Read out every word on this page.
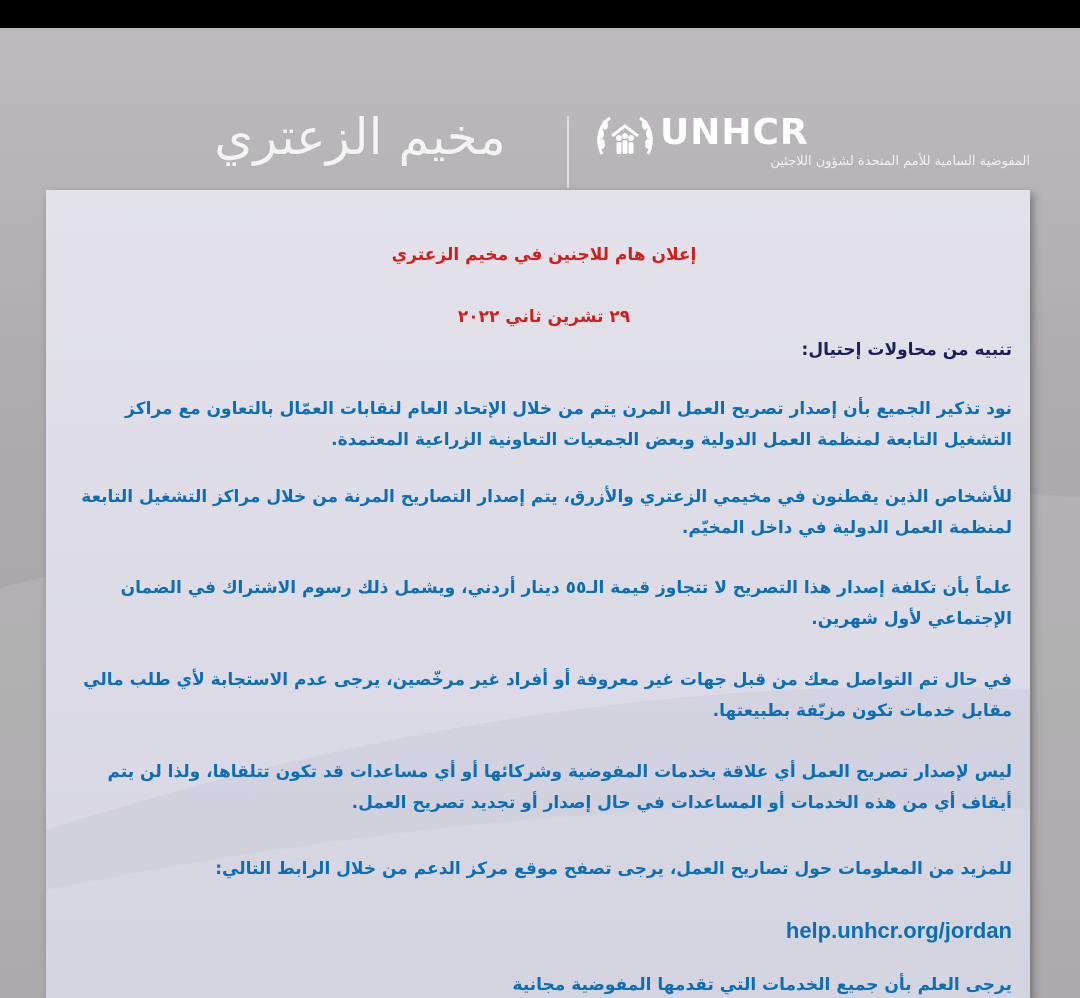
مخيم الزعتري	UNHCR
المفوضية السامية للأمم المتحدة لشؤون اللاجئين
إعلان هام للاجنين في مخيم الزعتري
٢٩ تشرين ثاني ٢٠٢٢
تنبيه من محاولات إحتيال:
نود تذكير الجميع بأن إصدار تصريح العمل المرن يتم من خلال الإتحاد العام لنقابات العمّال بالتعاون مع مراكز التشغيل التابعة لمنظمة العمل الدولية وبعض الجمعيات التعاونية الزراعية المعتمدة.
للأشخاص الذين يقطنون في مخيمي الزعتري والأزرق، يتم إصدار التصاريح المرنة من خلال مراكز التشغيل التابعة لمنظمة العمل الدولية في داخل المخيّم.
علماً بأن تكلفة إصدار هذا التصريح لا تتجاوز قيمة الـ٥٥ دينار أردني، ويشمل ذلك رسوم الاشتراك في الضمان الإجتماعي لأول شهرين.
في حال تم التواصل معك من قبل جهات غير معروفة أو أفراد غير مرخّصين، يرجى عدم الاستجابة لأي طلب مالي مقابل خدمات تكون مزيّفة بطبيعتها.
ليس لإصدار تصريح العمل أي علاقة بخدمات المفوضية وشركائها أو أي مساعدات قد تكون تتلقاها، ولذا لن يتم أيقاف أي من هذه الخدمات أو المساعدات في حال إصدار أو تجديد تصريح العمل.
للمزيد من المعلومات حول تصاريح العمل، يرجى تصفح موقع مركز الدعم من خلال الرابط التالي:
help.unhcr.org/jordan
يرجى العلم بأن جميع الخدمات التي تقدمها المفوضية مجانية
